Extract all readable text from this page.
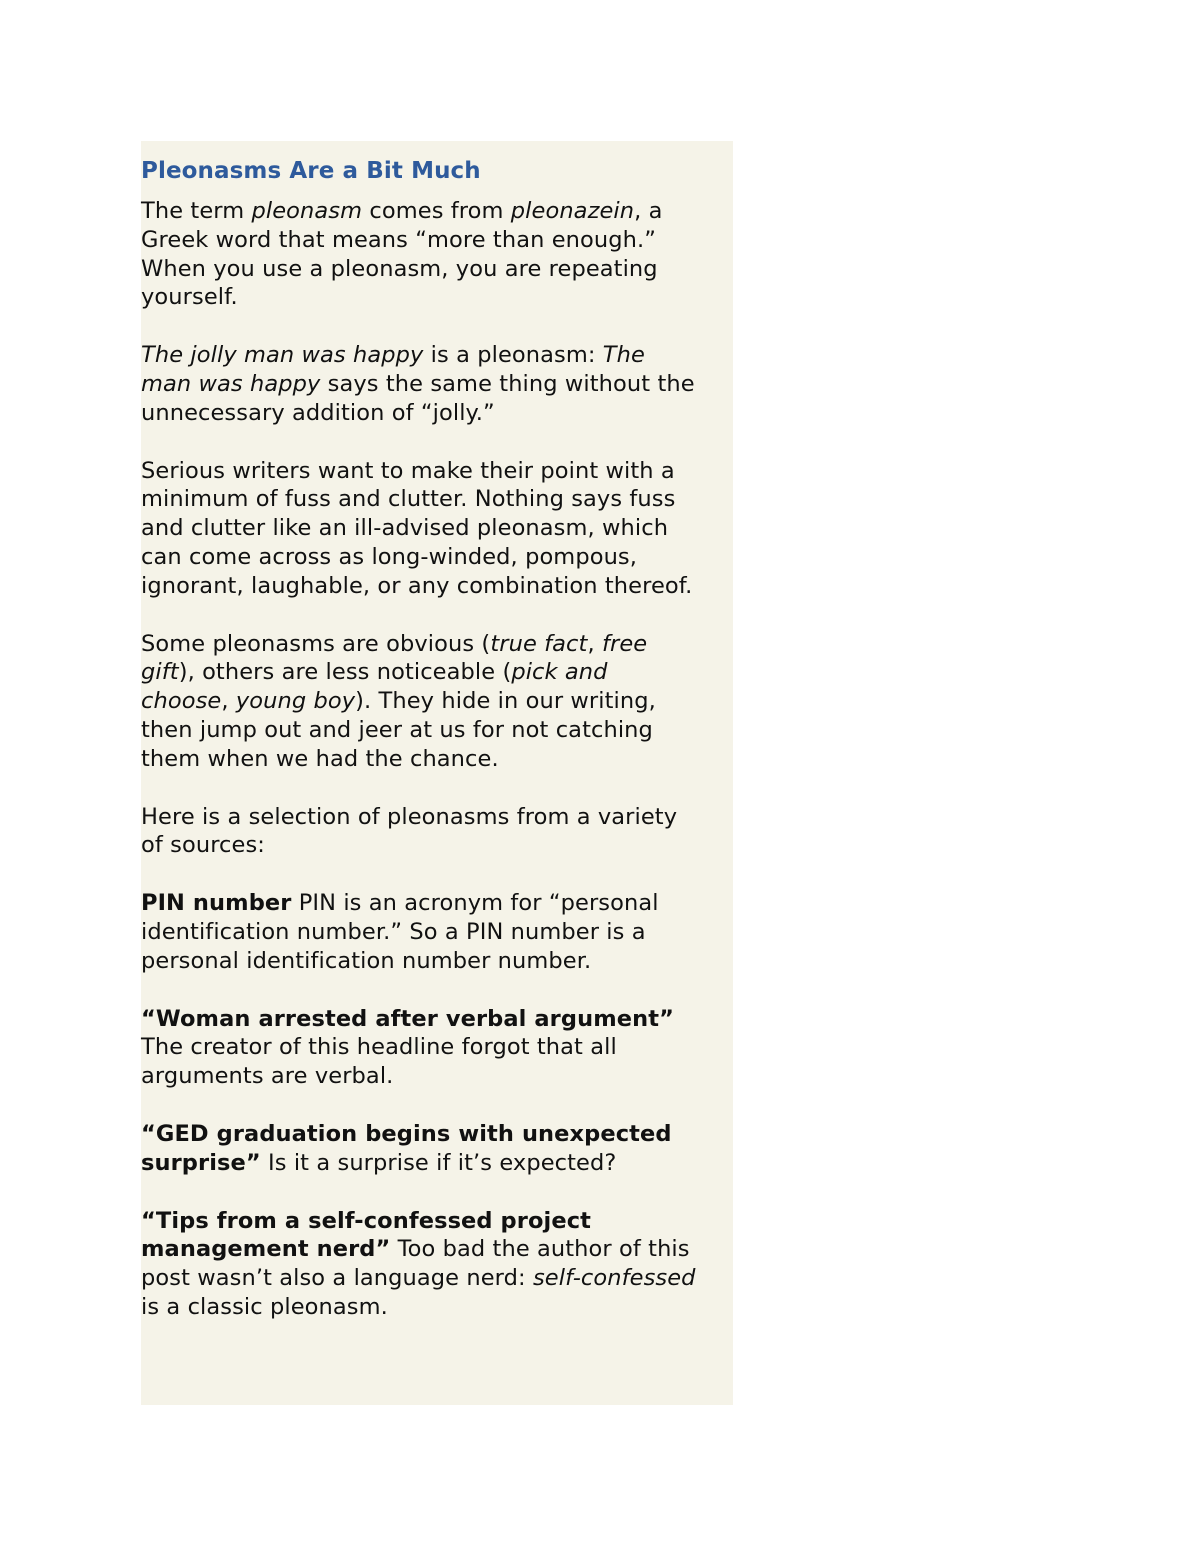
Pleonasms Are a Bit Much

The term pleonasm comes from pleonazein, a Greek word that means “more than enough.” When you use a pleonasm, you are repeating yourself.

The jolly man was happy is a pleonasm: The man was happy says the same thing without the unnecessary addition of “jolly.”

Serious writers want to make their point with a minimum of fuss and clutter. Nothing says fuss and clutter like an ill-advised pleonasm, which can come across as long-winded, pompous, ignorant, laughable, or any combination thereof.

Some pleonasms are obvious (true fact, free gift), others are less noticeable (pick and choose, young boy). They hide in our writing, then jump out and jeer at us for not catching them when we had the chance.

Here is a selection of pleonasms from a variety of sources:

PIN number PIN is an acronym for “personal identification number.” So a PIN number is a personal identification number number.

“Woman arrested after verbal argument” The creator of this headline forgot that all arguments are verbal.

“GED graduation begins with unexpected surprise” Is it a surprise if it’s expected?

“Tips from a self-confessed project management nerd” Too bad the author of this post wasn’t also a language nerd: self-confessed is a classic pleonasm.
